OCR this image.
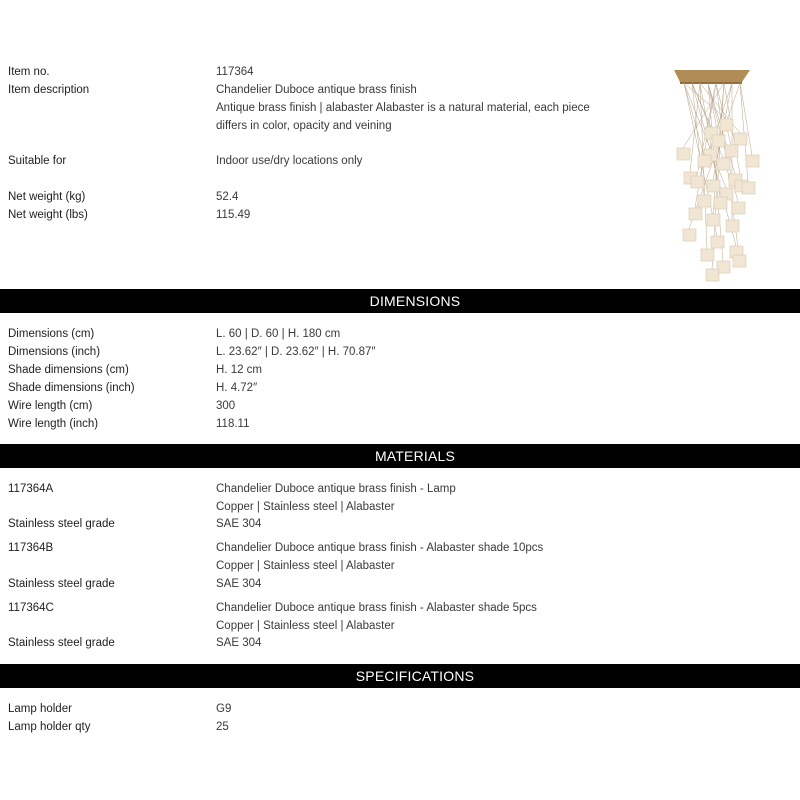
Item no.	117364
Item description	Chandelier Duboce antique brass finish
Antique brass finish | alabaster Alabaster is a natural material, each piece
differs in color, opacity and veining
Suitable for	Indoor use/dry locations only
Net weight (kg)	52.4
Net weight (lbs)	115.49
DIMENSIONS
Dimensions (cm)	L. 60 | D. 60 | H. 180 cm
Dimensions (inch)	L. 23.62″ | D. 23.62″ | H. 70.87″
Shade dimensions (cm)	H. 12 cm
Shade dimensions (inch)	H. 4.72″
Wire length (cm)	300
Wire length (inch)	118.11
MATERIALS
117364A	Chandelier Duboce antique brass finish - Lamp
Copper | Stainless steel | Alabaster
Stainless steel grade	SAE 304
117364B	Chandelier Duboce antique brass finish - Alabaster shade 10pcs
Copper | Stainless steel | Alabaster
Stainless steel grade	SAE 304
117364C	Chandelier Duboce antique brass finish - Alabaster shade 5pcs
Copper | Stainless steel | Alabaster
Stainless steel grade	SAE 304
SPECIFICATIONS
Lamp holder	G9
Lamp holder qty	25
